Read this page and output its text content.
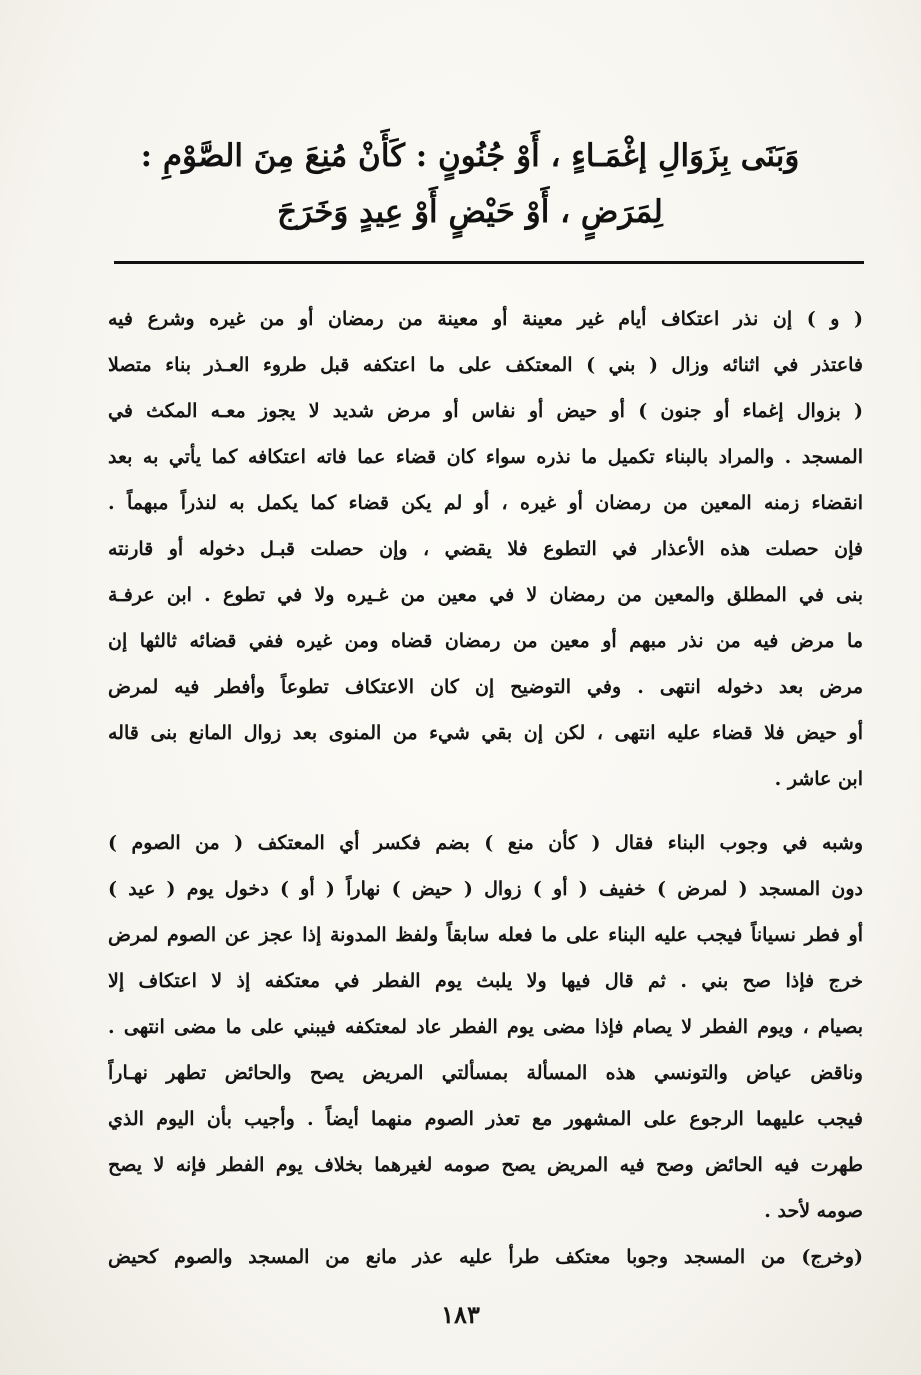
وَبَنَى بِزَوَالِ إغْمَـاءٍ ، أَوْ جُنُونٍ : كَأَنْ مُنِعَ مِنَ الصَّوْمِ :
لِمَرَضٍ ، أَوْ حَيْضٍ أَوْ عِيدٍ وَخَرَجَ
( و ) إن نذر اعتكاف أيام غير معينة أو معينة من رمضان أو من غيره وشرع فيه
فاعتذر في اثنائه وزال ( بني ) المعتكف على ما اعتكفه قبل طروء العـذر بناء متصلا
( بزوال إغماء أو جنون ) أو حيض أو نفاس أو مرض شديد لا يجوز معـه المكث في
المسجد . والمراد بالبناء تكميل ما نذره سواء كان قضاء عما فاته اعتكافه كما يأتي به بعد
انقضاء زمنه المعين من رمضان أو غيره ، أو لم يكن قضاء كما يكمل به لنذراً مبهماً .
فإن حصلت هذه الأعذار في التطوع فلا يقضي ، وإن حصلت قبـل دخوله أو قارنته
بنى في المطلق والمعين من رمضان لا في معين من غـيره ولا في تطوع . ابن عرفـة
ما مرض فيه من نذر مبهم أو معين من رمضان قضاه ومن غيره ففي قضائه ثالثها إن
مرض بعد دخوله انتهى . وفي التوضيح إن كان الاعتكاف تطوعاً وأفطر فيه لمرض
أو حيض فلا قضاء عليه انتهى ، لكن إن بقي شيء من المنوى بعد زوال المانع بنى قاله
ابن عاشر .
وشبه في وجوب البناء فقال ( كأن منع ) بضم فكسر أي المعتكف ( من الصوم )
دون المسجد ( لمرض ) خفيف ( أو ) زوال ( حيض ) نهاراً ( أو ) دخول يوم ( عيد )
أو فطر نسياناً فيجب عليه البناء على ما فعله سابقاً ولفظ المدونة إذا عجز عن الصوم لمرض
خرج فإذا صح بني . ثم قال فيها ولا يلبث يوم الفطر في معتكفه إذ لا اعتكاف إلا
بصيام ، ويوم الفطر لا يصام فإذا مضى يوم الفطر عاد لمعتكفه فيبني على ما مضى انتهى .
وناقض عياض والتونسي هذه المسألة بمسألتي المريض يصح والحائض تطهر نهـاراً
فيجب عليهما الرجوع على المشهور مع تعذر الصوم منهما أيضاً . وأجيب بأن اليوم الذي
طهرت فيه الحائض وصح فيه المريض يصح صومه لغيرهما بخلاف يوم الفطر فإنه لا يصح
صومه لأحد .
(وخرج) من المسجد وجوبا معتكف طرأ عليه عذر مانع من المسجد والصوم كحيض
١٨٣
